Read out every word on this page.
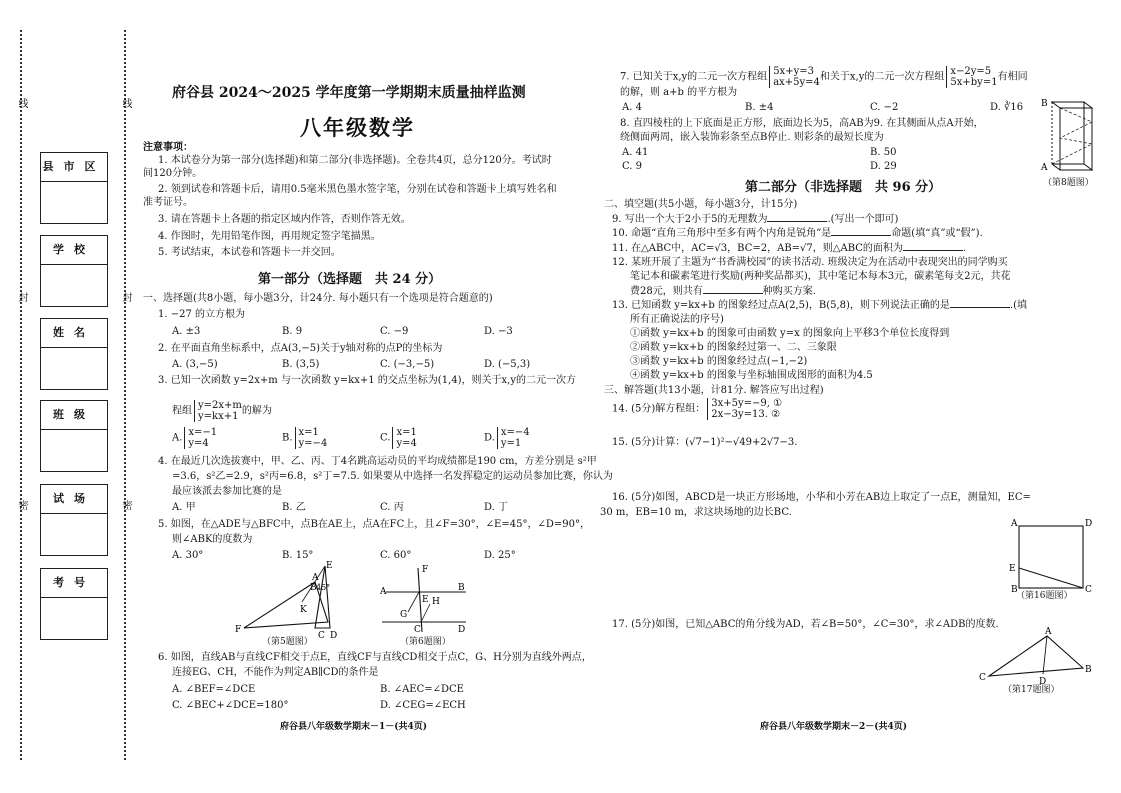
线	线
封	封
密	密
县市区
学校
姓名
班级
试场
考号
府谷县 2024～2025 学年度第一学期期末质量抽样监测
八年级数学
注意事项：
1. 本试卷分为第一部分(选择题)和第二部分(非选择题)。全卷共4页，总分120分。考试时
间120分钟。
2. 领到试卷和答题卡后，请用0.5毫米黑色墨水签字笔，分别在试卷和答题卡上填写姓名和
准考证号。
3. 请在答题卡上各题的指定区域内作答，否则作答无效。
4. 作图时，先用铅笔作图，再用规定签字笔描黑。
5. 考试结束，本试卷和答题卡一并交回。
第一部分（选择题　共 24 分）
一、选择题(共8小题，每小题3分，计24分. 每小题只有一个选项是符合题意的)
1. −27 的立方根为
A. ±3	B. 9	C. −9	D. −3
2. 在平面直角坐标系中，点A(3,−5)关于y轴对称的点P的坐标为
A. (3,−5)	B. (3,5)	C. (−3,−5)	D. (−5,3)
3. 已知一次函数 y=2x+m 与一次函数 y=kx+1 的交点坐标为(1,4)，则关于x,y的二元一次方
程组 y=2x+m
y=kx+1 的解为
A. x=−1
y=4	B. x=1
y=−4	C. x=1
y=4	D. x=−4
y=1
4. 在最近几次选拔赛中，甲、乙、丙、丁4名跳高运动员的平均成绩都是190 cm，方差分别是 s²甲
=3.6，s²乙=2.9，s²丙=6.8，s²丁=7.5. 如果要从中选择一名发挥稳定的运动员参加比赛，你认为
最应该派去参加比赛的是
A. 甲	B. 乙	C. 丙	D. 丁
5. 如图，在△ADE与△BFC中，点B在AE上，点A在FC上，且∠F=30°，∠E=45°，∠D=90°，
则∠ABK的度数为
A. 30°	B. 15°	C. 60°	D. 25°
E
B
K
F
A
C D
45°
（第5题图）
F
A
E H
B
G
C	D
（第6题图）
6. 如图，直线AB与直线CF相交于点E，直线CF与直线CD相交于点C，G、H分别为直线外两点，
连接EG、CH，不能作为判定AB∥CD的条件是
A. ∠BEF=∠DCE	B. ∠AEC=∠DCE
C. ∠BEC+∠DCE=180°	D. ∠CEG=∠ECH
府谷县八年级数学期末－1－(共4页)
7. 已知关于x,y的二元一次方程组 5x+y=3
ax+5y=4和关于x,y的二元一次方程组 x−2y=5
5x+by=1有相同
的解，则 a+b 的平方根为
A. 4	B. ±4	C. −2	D. ∛16
8. 直四棱柱的上下底面是正方形，底面边长为5，高AB为9. 在其侧面从点A开始，
绕侧面两周，嵌入装饰彩条至点B停止. 则彩条的最短长度为
A. 41	B. 50
C. 9	D. 29
B
A
（第8题图）
第二部分（非选择题　共 96 分）
二、填空题(共5小题，每小题3分，计15分)
9. 写出一个大于2小于5的无理数为	.(写出一个即可)
10. 命题“直角三角形中至多有两个内角是锐角”是	命题(填“真”或“假”).
11. 在△ABC中，AC=√3，BC=2，AB=√7，则△ABC的面积为	.
12. 某班开展了主题为“书香满校园”的读书活动. 班级决定为在活动中表现突出的同学购买
笔记本和碳素笔进行奖励(两种奖品都买)，其中笔记本每本3元，碳素笔每支2元，共花
费28元，则共有	种购买方案.
13. 已知函数 y=kx+b 的图象经过点A(2,5)，B(5,8)，则下列说法正确的是	.(填
所有正确说法的序号)
①函数 y=kx+b 的图象可由函数 y=x 的图象向上平移3个单位长度得到
②函数 y=kx+b 的图象经过第一、二、三象限
③函数 y=kx+b 的图象经过点(−1,−2)
④函数 y=kx+b 的图象与坐标轴围成图形的面积为4.5
三、解答题(共13小题，计81分. 解答应写出过程)
14. (5分)解方程组： 3x+5y=−9, ①
2x−3y=13. ②
15. (5分)计算：(√7−1)²−√49+2√7−3.
16. (5分)如图，ABCD是一块正方形场地，小华和小芳在AB边上取定了一点E，测量知，EC=
30 m，EB=10 m，求这块场地的边长BC.
A	D
E
B	C
（第16题图）
17. (5分)如图，已知△ABC的角分线为AD，若∠B=50°，∠C=30°，求∠ADB的度数.
A
C	D
B
（第17题图）
府谷县八年级数学期末－2－(共4页)
